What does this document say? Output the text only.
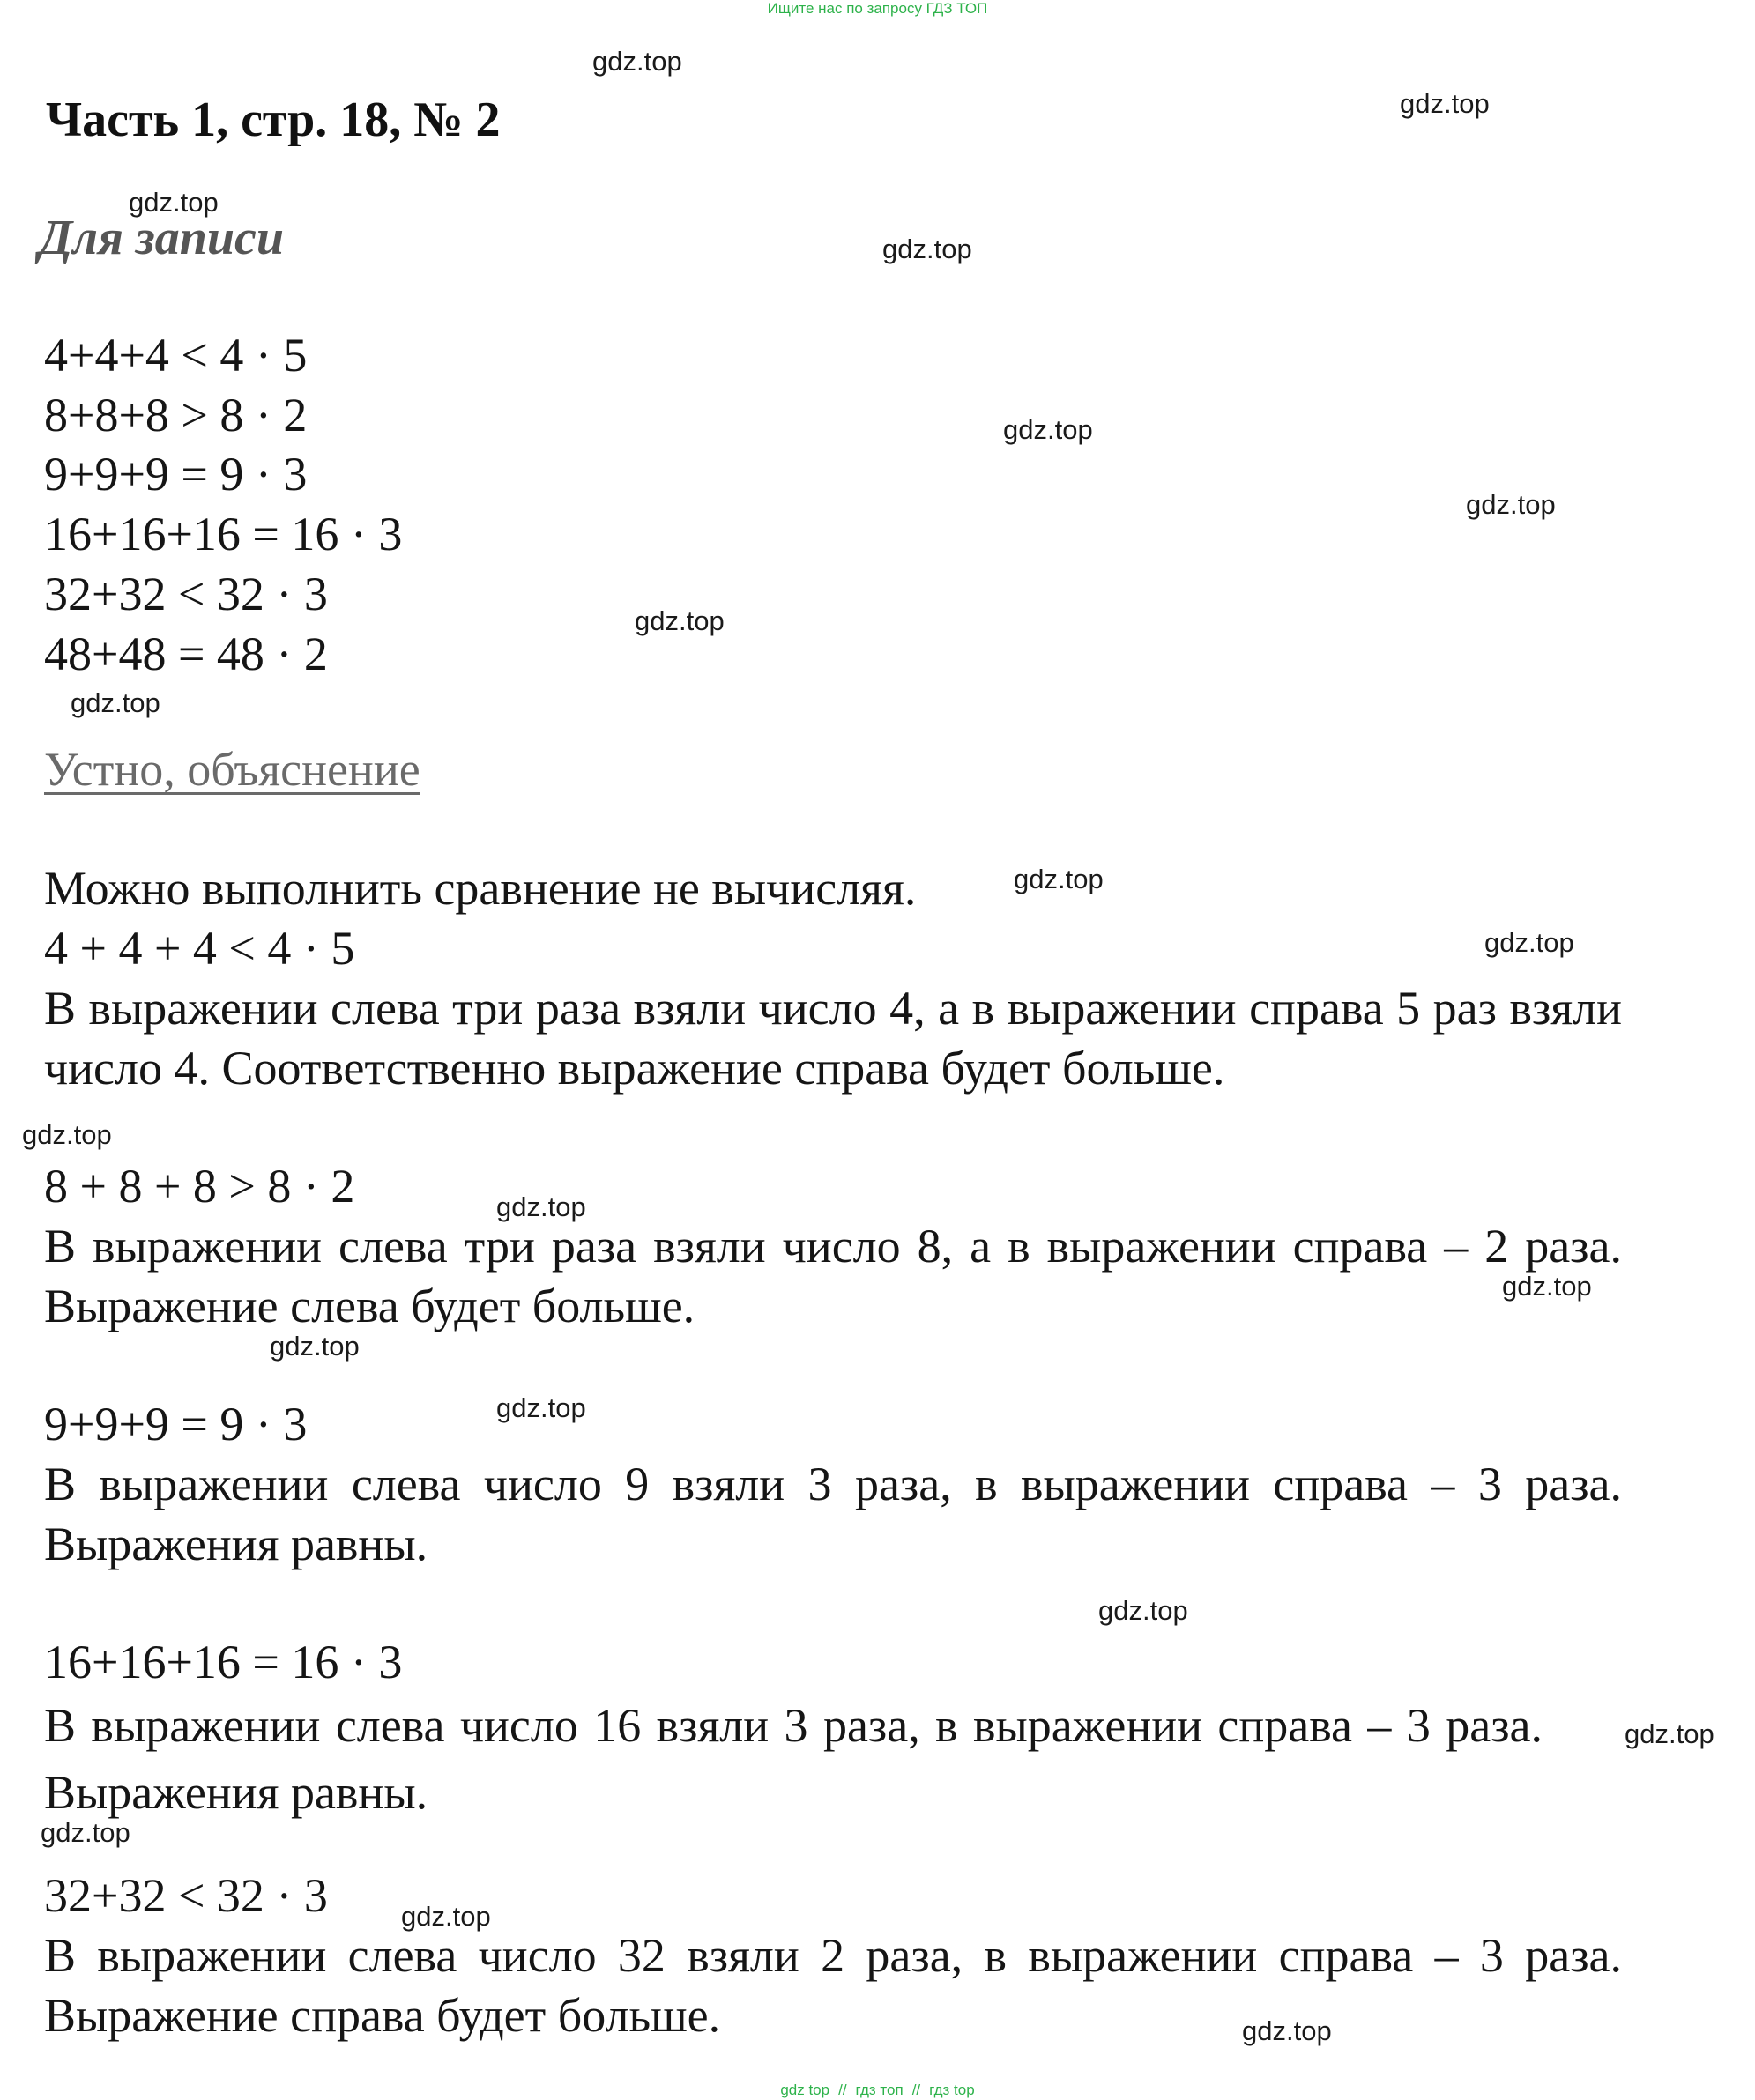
Ищите нас по запросу ГДЗ ТОП
Часть 1, стр. 18, № 2
Для записи
4+4+4 < 4 · 5
8+8+8 > 8 · 2
9+9+9 = 9 · 3
16+16+16 = 16 · 3
32+32 < 32 · 3
48+48 = 48 · 2
Устно, объяснение
Можно выполнить сравнение не вычисляя.
4 + 4 + 4 < 4 · 5
В выражении слева три раза взяли число 4, а в выражении справа 5 раз взяли число 4. Соответственно выражение справа будет больше.
8 + 8 + 8 > 8 · 2
В выражении слева три раза взяли число 8, а в выражении справа – 2 раза. Выражение слева будет больше.
9+9+9 = 9 · 3
В выражении слева число 9 взяли 3 раза, в выражении справа – 3 раза. Выражения равны.
16+16+16 = 16 · 3
В выражении слева число 16 взяли 3 раза, в выражении справа – 3 раза. Выражения равны.
32+32 < 32 · 3
В выражении слева число 32 взяли 2 раза, в выражении справа – 3 раза. Выражение справа будет больше.
gdz.top
gdz.top
gdz.top
gdz.top
gdz.top
gdz.top
gdz.top
gdz.top
gdz.top
gdz.top
gdz.top
gdz.top
gdz.top
gdz.top
gdz.top
gdz.top
gdz.top
gdz.top
gdz.top
gdz.top
gdz top // гдз топ // гдз top
